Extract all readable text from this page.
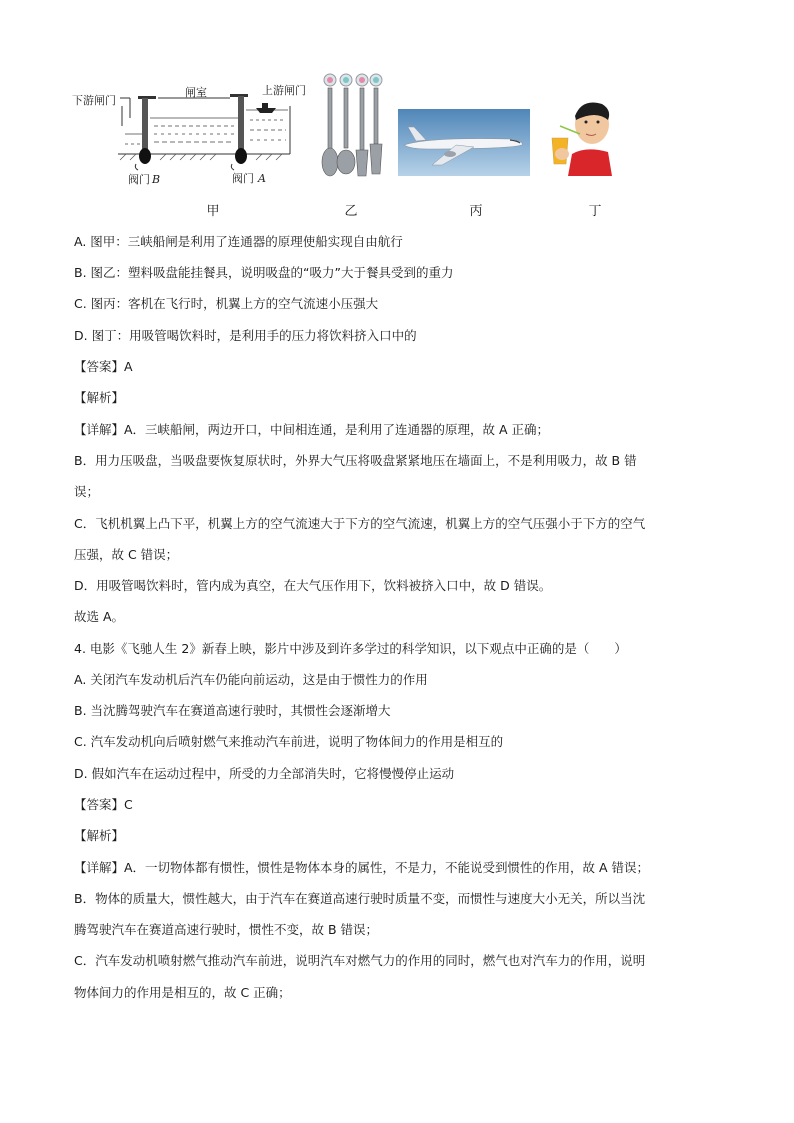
下游闸门
闸室	上游闸门
阀门 B	阀门 A
甲	乙	丙	丁
A. 图甲：三峡船闸是利用了连通器的原理使船实现自由航行
B. 图乙：塑料吸盘能挂餐具，说明吸盘的“吸力”大于餐具受到的重力
C. 图丙：客机在飞行时，机翼上方的空气流速小压强大
D. 图丁：用吸管喝饮料时，是利用手的压力将饮料挤入口中的
【答案】A
【解析】
【详解】A．三峡船闸，两边开口，中间相连通，是利用了连通器的原理，故 A 正确；
B．用力压吸盘，当吸盘要恢复原状时，外界大气压将吸盘紧紧地压在墙面上，不是利用吸力，故 B 错
误；
C．飞机机翼上凸下平，机翼上方的空气流速大于下方的空气流速，机翼上方的空气压强小于下方的空气
压强，故 C 错误；
D．用吸管喝饮料时，管内成为真空，在大气压作用下，饮料被挤入口中，故 D 错误。
故选 A。
4. 电影《飞驰人生 2》新春上映，影片中涉及到许多学过的科学知识，以下观点中正确的是（　　）
A. 关闭汽车发动机后汽车仍能向前运动，这是由于惯性力的作用
B. 当沈腾驾驶汽车在赛道高速行驶时，其惯性会逐渐增大
C. 汽车发动机向后喷射燃气来推动汽车前进，说明了物体间力的作用是相互的
D. 假如汽车在运动过程中，所受的力全部消失时，它将慢慢停止运动
【答案】C
【解析】
【详解】A．一切物体都有惯性，惯性是物体本身的属性，不是力，不能说受到惯性的作用，故 A 错误；
B．物体的质量大，惯性越大，由于汽车在赛道高速行驶时质量不变，而惯性与速度大小无关，所以当沈
腾驾驶汽车在赛道高速行驶时，惯性不变，故 B 错误；
C．汽车发动机喷射燃气推动汽车前进，说明汽车对燃气力的作用的同时，燃气也对汽车力的作用，说明
物体间力的作用是相互的，故 C 正确；
